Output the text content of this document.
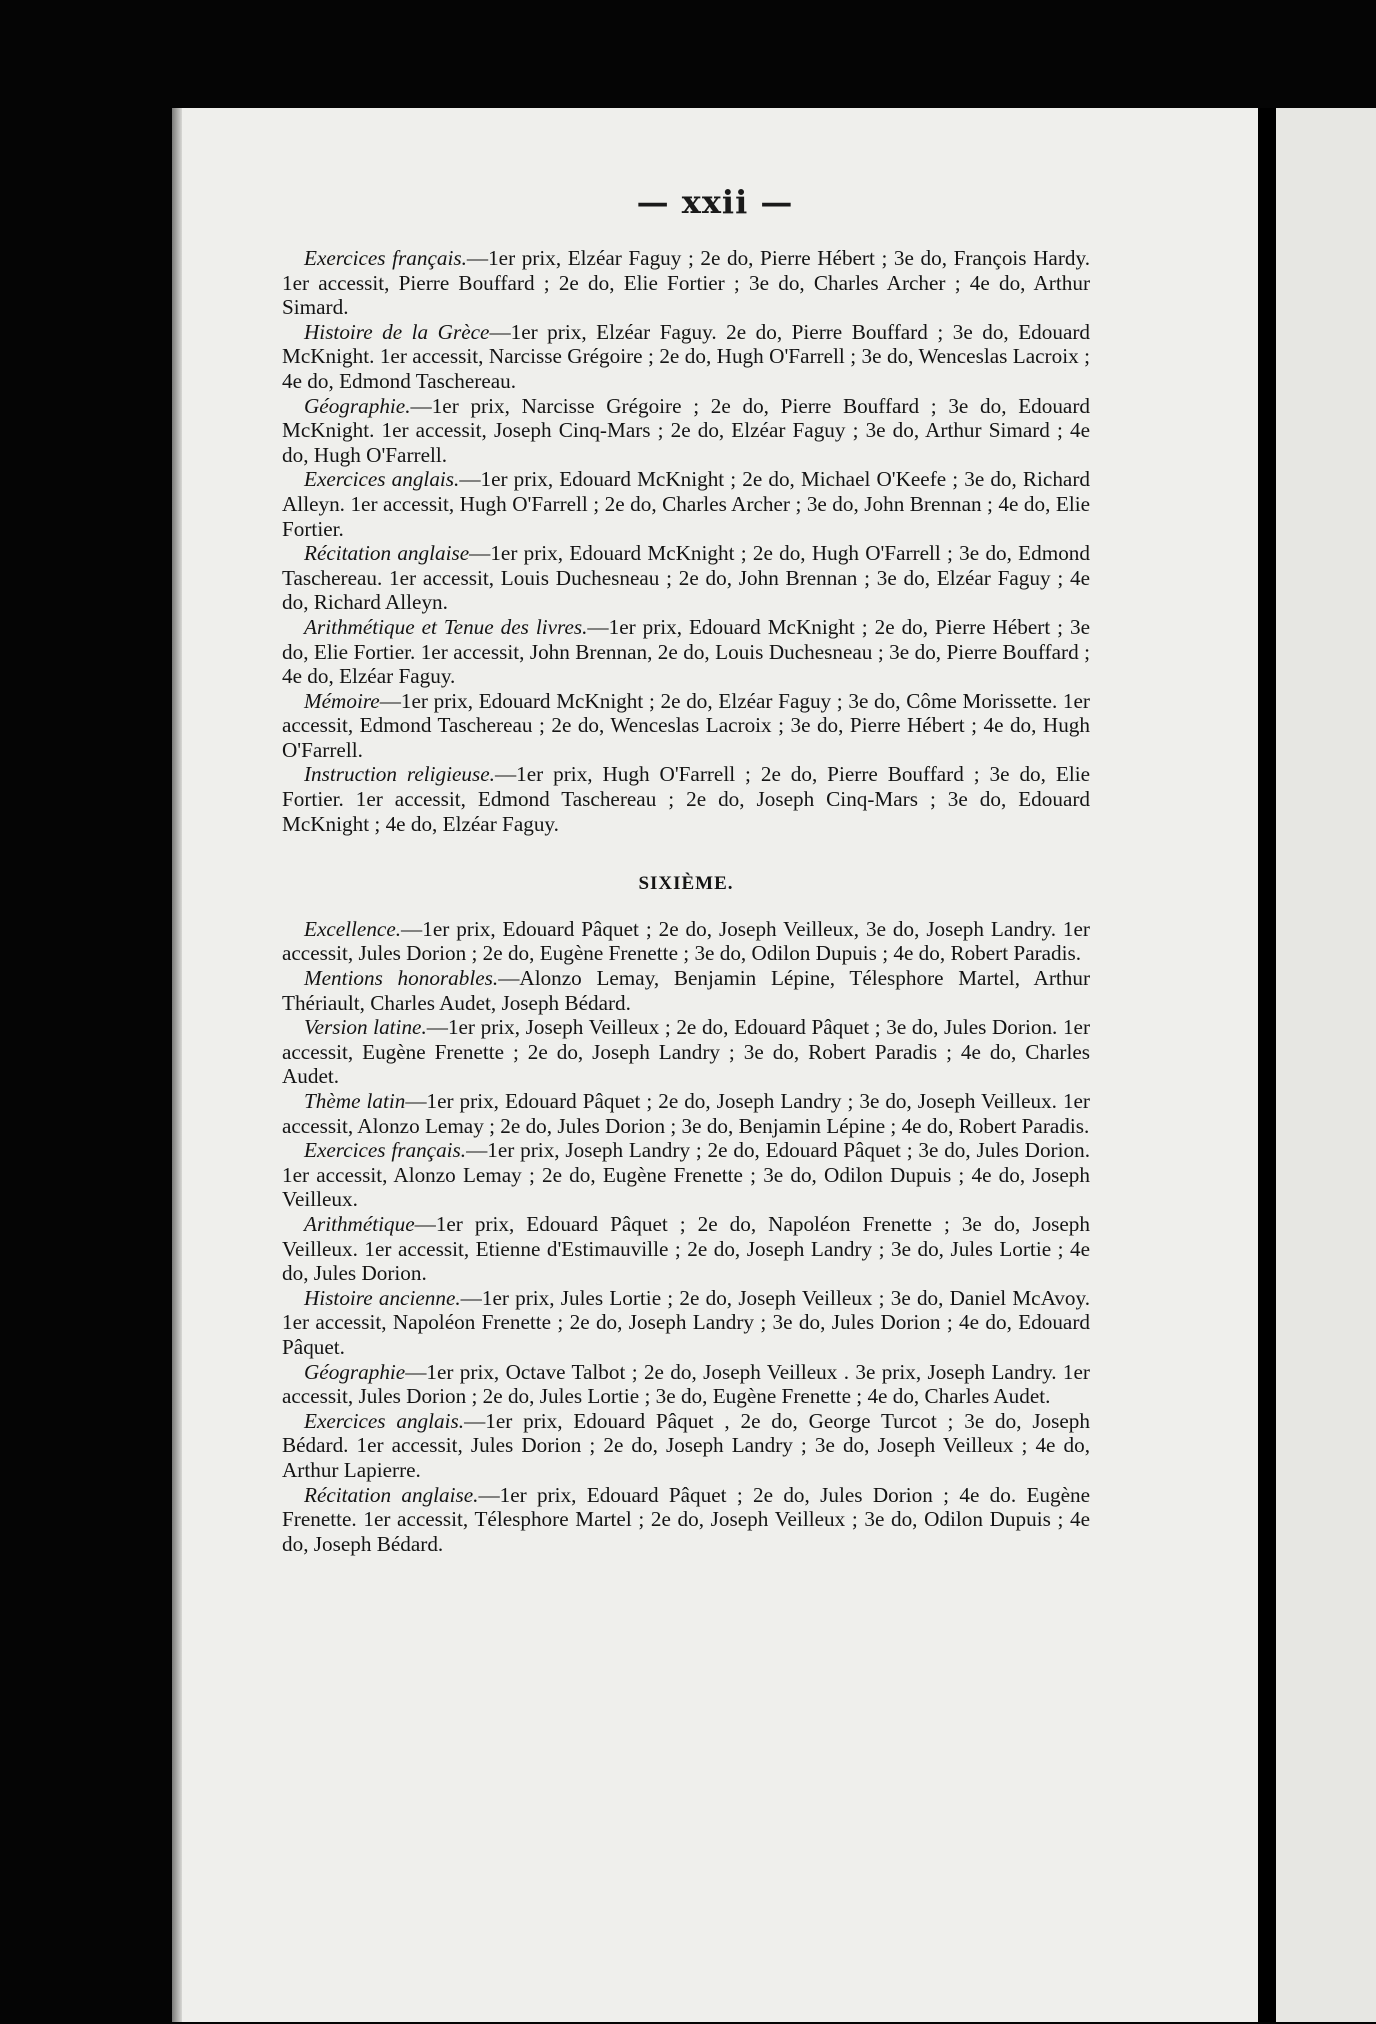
— xxii —

Exercices français.—1er prix, Elzéar Faguy ; 2e do, Pierre Hébert ; 3e do, François Hardy. 1er accessit, Pierre Bouffard ; 2e do, Elie Fortier ; 3e do, Charles Archer ; 4e do, Arthur Simard.

Histoire de la Grèce—1er prix, Elzéar Faguy. 2e do, Pierre Bouffard ; 3e do, Edouard McKnight. 1er accessit, Narcisse Grégoire ; 2e do, Hugh O'Farrell ; 3e do, Wenceslas Lacroix ; 4e do, Edmond Taschereau.

Géographie.—1er prix, Narcisse Grégoire ; 2e do, Pierre Bouffard ; 3e do, Edouard McKnight. 1er accessit, Joseph Cinq-Mars ; 2e do, Elzéar Faguy ; 3e do, Arthur Simard ; 4e do, Hugh O'Farrell.

Exercices anglais.—1er prix, Edouard McKnight ; 2e do, Michael O'Keefe ; 3e do, Richard Alleyn. 1er accessit, Hugh O'Farrell ; 2e do, Charles Archer ; 3e do, John Brennan ; 4e do, Elie Fortier.

Récitation anglaise—1er prix, Edouard McKnight ; 2e do, Hugh O'Farrell ; 3e do, Edmond Taschereau. 1er accessit, Louis Duchesneau ; 2e do, John Brennan ; 3e do, Elzéar Faguy ; 4e do, Richard Alleyn.

Arithmétique et Tenue des livres.—1er prix, Edouard McKnight ; 2e do, Pierre Hébert ; 3e do, Elie Fortier. 1er accessit, John Brennan, 2e do, Louis Duchesneau ; 3e do, Pierre Bouffard ; 4e do, Elzéar Faguy.

Mémoire—1er prix, Edouard McKnight ; 2e do, Elzéar Faguy ; 3e do, Côme Morissette. 1er accessit, Edmond Taschereau ; 2e do, Wenceslas Lacroix ; 3e do, Pierre Hébert ; 4e do, Hugh O'Farrell.

Instruction religieuse.—1er prix, Hugh O'Farrell ; 2e do, Pierre Bouffard ; 3e do, Elie Fortier. 1er accessit, Edmond Taschereau ; 2e do, Joseph Cinq-Mars ; 3e do, Edouard McKnight ; 4e do, Elzéar Faguy.

SIXIÈME.

Excellence.—1er prix, Edouard Pâquet ; 2e do, Joseph Veilleux, 3e do, Joseph Landry. 1er accessit, Jules Dorion ; 2e do, Eugène Frenette ; 3e do, Odilon Dupuis ; 4e do, Robert Paradis.

Mentions honorables.—Alonzo Lemay, Benjamin Lépine, Télesphore Martel, Arthur Thériault, Charles Audet, Joseph Bédard.

Version latine.—1er prix, Joseph Veilleux ; 2e do, Edouard Pâquet ; 3e do, Jules Dorion. 1er accessit, Eugène Frenette ; 2e do, Joseph Landry ; 3e do, Robert Paradis ; 4e do, Charles Audet.

Thème latin—1er prix, Edouard Pâquet ; 2e do, Joseph Landry ; 3e do, Joseph Veilleux. 1er accessit, Alonzo Lemay ; 2e do, Jules Dorion ; 3e do, Benjamin Lépine ; 4e do, Robert Paradis.

Exercices français.—1er prix, Joseph Landry ; 2e do, Edouard Pâquet ; 3e do, Jules Dorion. 1er accessit, Alonzo Lemay ; 2e do, Eugène Frenette ; 3e do, Odilon Dupuis ; 4e do, Joseph Veilleux.

Arithmétique—1er prix, Edouard Pâquet ; 2e do, Napoléon Frenette ; 3e do, Joseph Veilleux. 1er accessit, Etienne d'Estimauville ; 2e do, Joseph Landry ; 3e do, Jules Lortie ; 4e do, Jules Dorion.

Histoire ancienne.—1er prix, Jules Lortie ; 2e do, Joseph Veilleux ; 3e do, Daniel McAvoy. 1er accessit, Napoléon Frenette ; 2e do, Joseph Landry ; 3e do, Jules Dorion ; 4e do, Edouard Pâquet.

Géographie—1er prix, Octave Talbot ; 2e do, Joseph Veilleux . 3e prix, Joseph Landry. 1er accessit, Jules Dorion ; 2e do, Jules Lortie ; 3e do, Eugène Frenette ; 4e do, Charles Audet.

Exercices anglais.—1er prix, Edouard Pâquet , 2e do, George Turcot ; 3e do, Joseph Bédard. 1er accessit, Jules Dorion ; 2e do, Joseph Landry ; 3e do, Joseph Veilleux ; 4e do, Arthur Lapierre.

Récitation anglaise.—1er prix, Edouard Pâquet ; 2e do, Jules Dorion ; 4e do. Eugène Frenette. 1er accessit, Télesphore Martel ; 2e do, Joseph Veilleux ; 3e do, Odilon Dupuis ; 4e do, Joseph Bédard.
